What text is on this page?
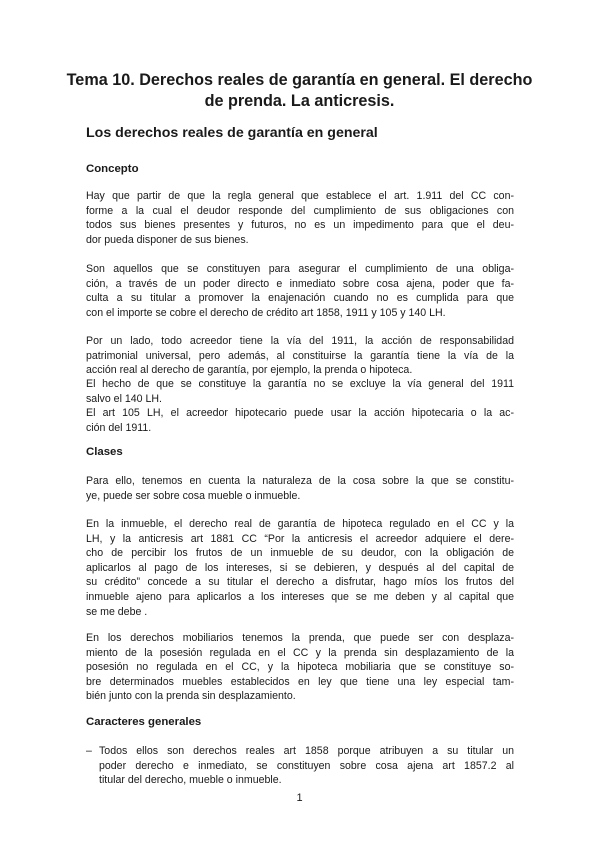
Tema 10. Derechos reales de garantía en general. El derecho
de prenda. La anticresis.
Los derechos reales de garantía en general
Concepto

Hay que partir de que la regla general que establece el art. 1.911 del CC con-
forme a la cual el deudor responde del cumplimiento de sus obligaciones con
todos sus bienes presentes y futuros, no es un impedimento para que el deu-
dor pueda disponer de sus bienes.

Son aquellos que se constituyen para asegurar el cumplimiento de una obliga-
ción, a través de un poder directo e inmediato sobre cosa ajena, poder que fa-
culta a su titular a promover la enajenación cuando no es cumplida para que
con el importe se cobre el derecho de crédito art 1858, 1911 y 105 y 140 LH.

Por un lado, todo acreedor tiene la vía del 1911, la acción de responsabilidad
patrimonial universal, pero además, al constituirse la garantía tiene la vía de la
acción real al derecho de garantía, por ejemplo, la prenda o hipoteca.

El hecho de que se constituye la garantía no se excluye la vía general del 1911
salvo el 140 LH.

El art 105 LH, el acreedor hipotecario puede usar la acción hipotecaria o la ac-
ción del 1911.

Clases

Para ello, tenemos en cuenta la naturaleza de la cosa sobre la que se constitu-
ye, puede ser sobre cosa mueble o inmueble.

En la inmueble, el derecho real de garantía de hipoteca regulado en el CC y la
LH, y la anticresis art 1881 CC “Por la anticresis el acreedor adquiere el dere-
cho de percibir los frutos de un inmueble de su deudor, con la obligación de
aplicarlos al pago de los intereses, si se debieren, y después al del capital de
su crédito” concede a su titular el derecho a disfrutar, hago míos los frutos del
inmueble ajeno para aplicarlos a los intereses que se me deben y al capital que
se me debe .

En los derechos mobiliarios tenemos la prenda, que puede ser con desplaza-
miento de la posesión regulada en el CC y la prenda sin desplazamiento de la
posesión no regulada en el CC, y la hipoteca mobiliaria que se constituye so-
bre determinados muebles establecidos en ley que tiene una ley especial tam-
bién junto con la prenda sin desplazamiento.

Caracteres generales
– Todos ellos son derechos reales art 1858 porque atribuyen a su titular un
poder derecho e inmediato, se constituyen sobre cosa ajena art 1857.2 al
titular del derecho, mueble o inmueble.
1
